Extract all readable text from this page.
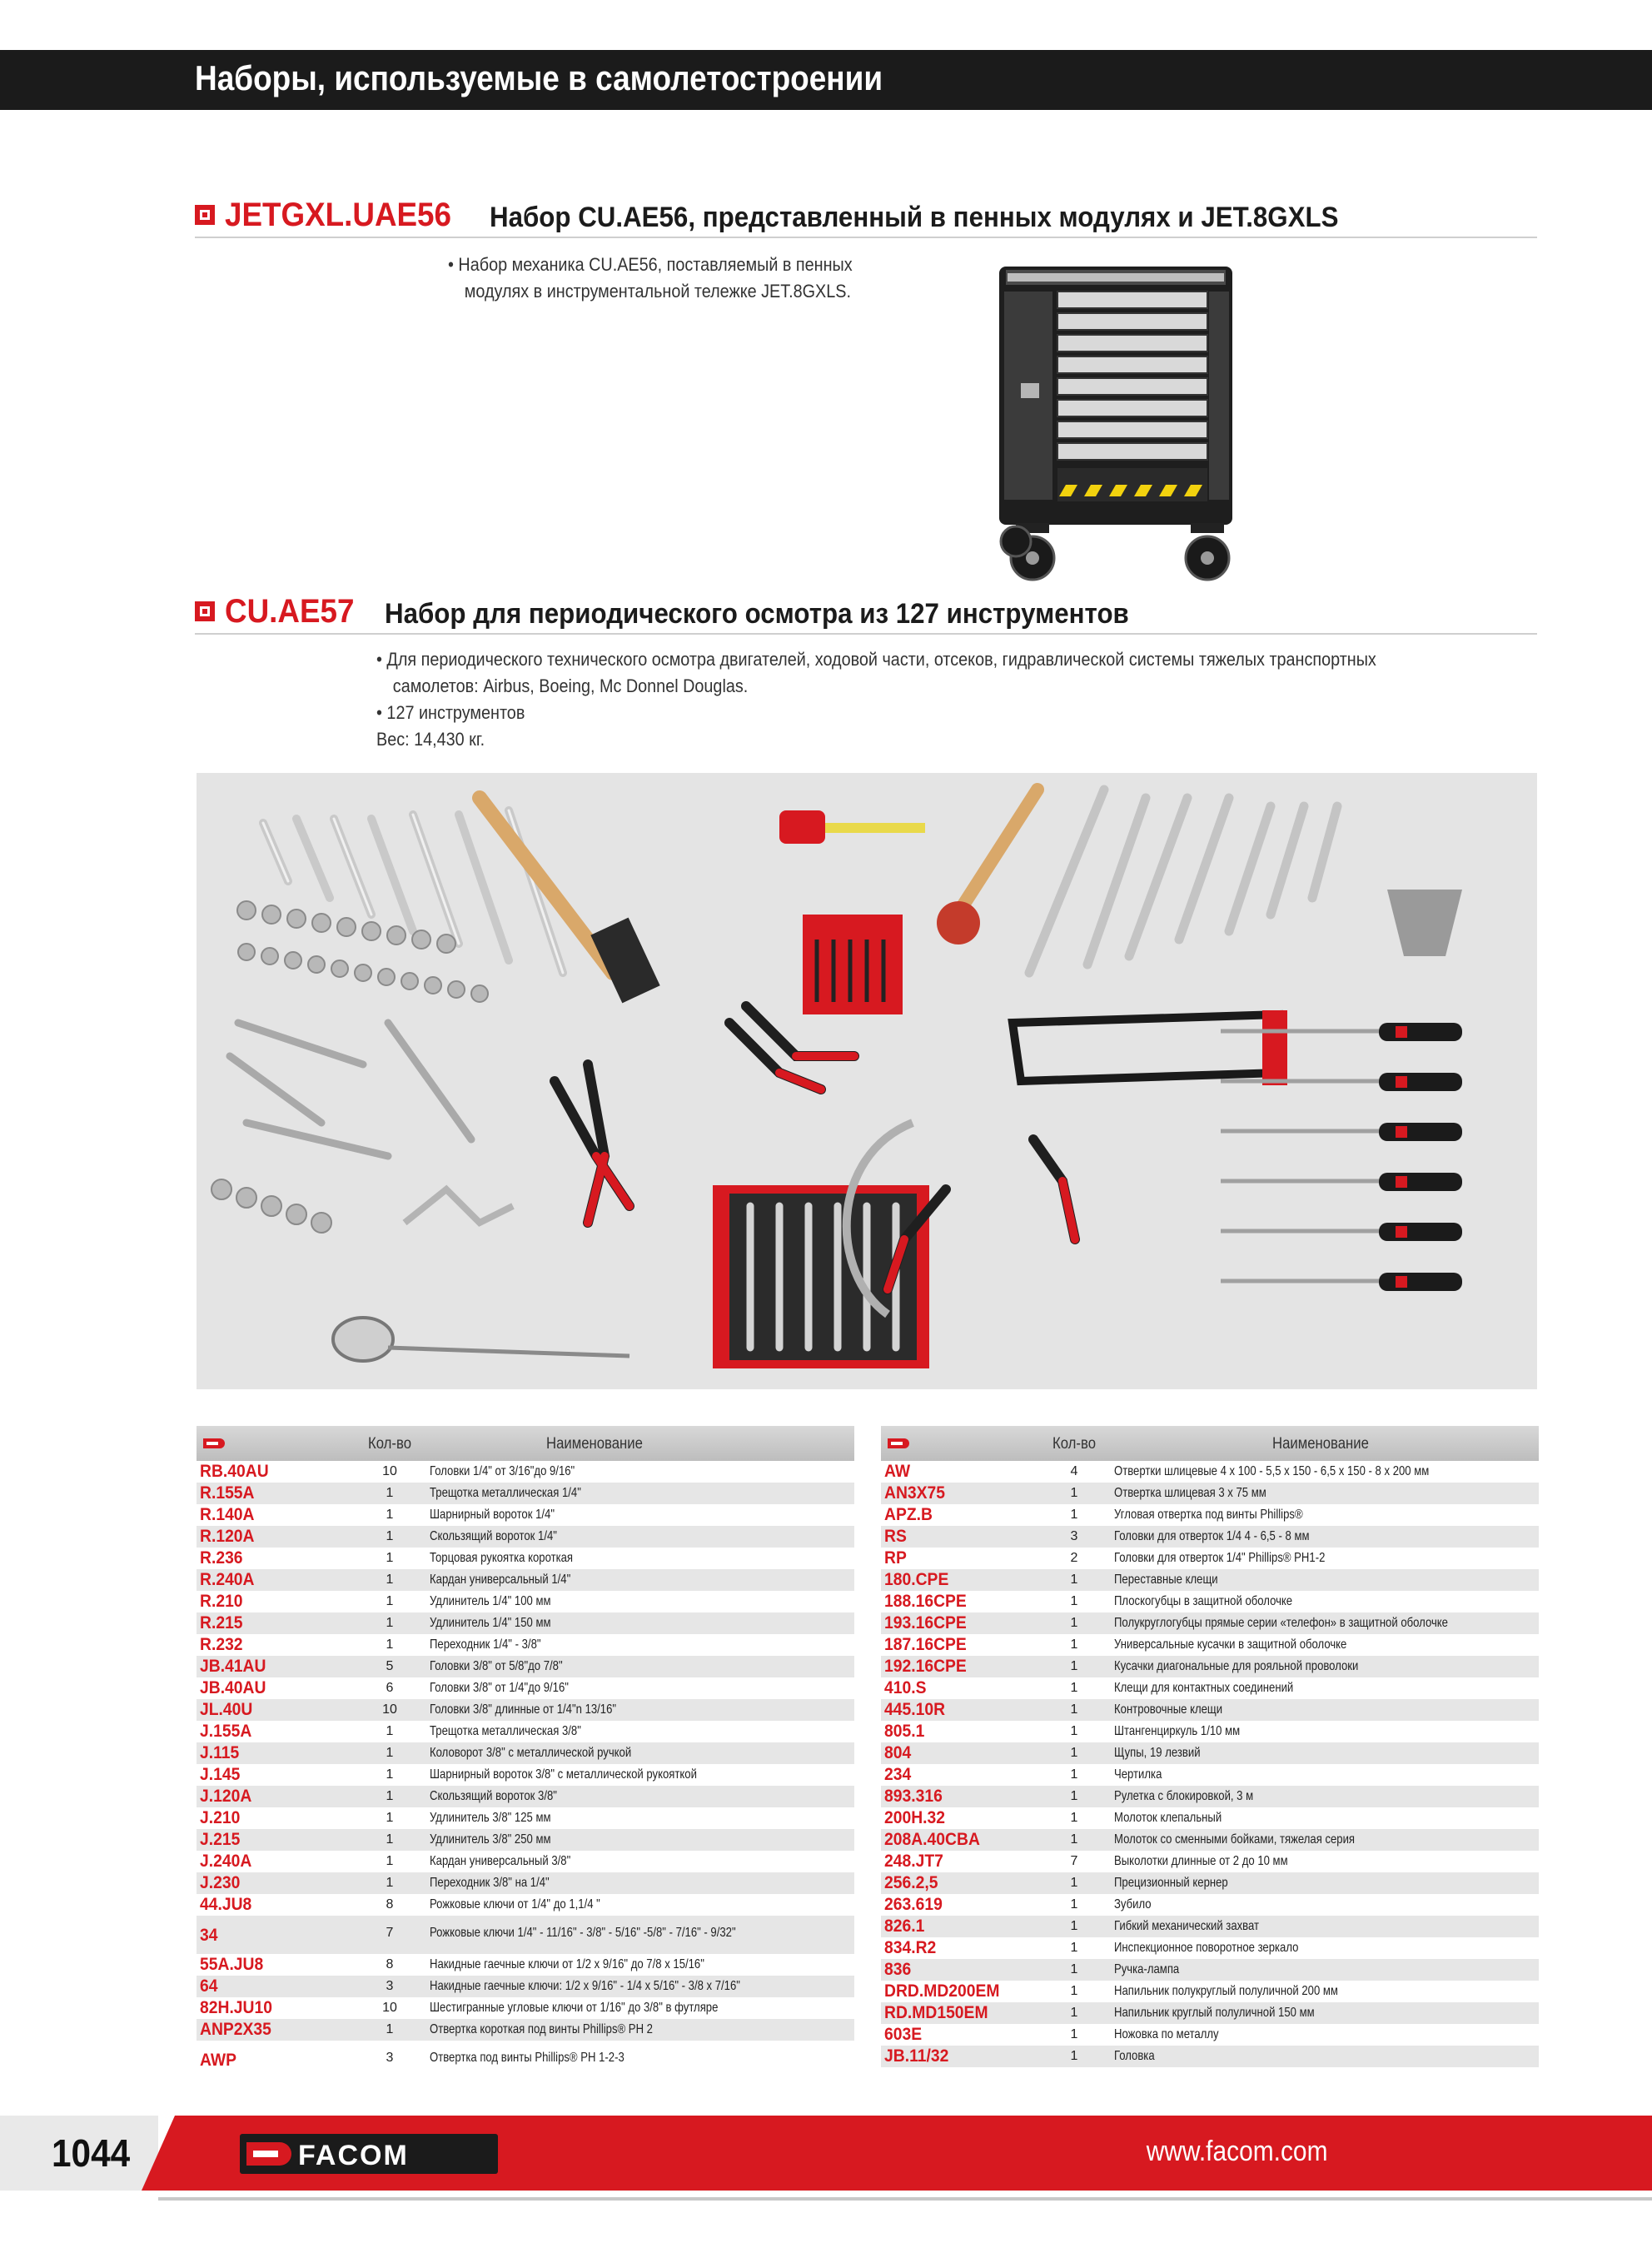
Наборы, используемые в самолетостроении
JETGXL.UAE56 Набор CU.AE56, представленный в пенных модулях и JET.8GXLS

• Набор механика CU.AE56, поставляемый в пенных

модулях в инструментальной тележке JET.8GXLS.

CU.AE57 Набор для периодического осмотра из 127 инструментов

• Для периодического технического осмотра двигателей, ходовой части, отсеков, гидравлической системы тяжелых транспортных

самолетов: Airbus, Boeing, Mc Donnel Douglas.

• 127 инструментов

Вес: 14,430 кг.

Кол-во	Наименование
RB.40AU	10	Головки 1/4" от 3/16"до 9/16"
R.155A	1	Трещотка металлическая 1/4"
R.140A	1	Шарнирный вороток 1/4"
R.120A	1	Скользящий вороток 1/4"
R.236	1	Торцовая рукоятка короткая
R.240A	1	Кардан универсальный 1/4"
R.210	1	Удлинитель 1/4" 100 мм
R.215	1	Удлинитель 1/4" 150 мм
R.232	1	Переходник 1/4" - 3/8"
JB.41AU	5	Головки 3/8" от 5/8"до 7/8"
JB.40AU	6	Головки 3/8" от 1/4"до 9/16"
JL.40U	10	Головки 3/8" длинные от 1/4"n 13/16"
J.155A	1	Трещотка металлическая 3/8"
J.115	1	Коловорот 3/8" с металлической ручкой
J.145	1	Шарнирный вороток 3/8" с металлической рукояткой
J.120A	1	Скользящий вороток 3/8"
J.210	1	Удлинитель 3/8" 125 мм
J.215	1	Удлинитель 3/8" 250 мм
J.240A	1	Кардан универсальный 3/8"
J.230	1	Переходник 3/8" на 1/4"
44.JU8	8	Рожковые ключи от 1/4" до 1,1/4 "
34	7	Рожковые ключи 1/4" - 11/16" - 3/8" - 5/16" -5/8" - 7/16" - 9/32"
55A.JU8	8	Накидные гаечные ключи от 1/2 x 9/16" до 7/8 x 15/16"
64	3	Накидные гаечные ключи: 1/2 x 9/16" - 1/4 x 5/16" - 3/8 x 7/16"
82H.JU10	10	Шестигранные угловые ключи от 1/16" до 3/8" в футляре
ANP2X35	1	Отвертка короткая под винты Phillips® PH 2
AWP	3	Отвертка под винты Phillips® PH 1-2-3
Кол-во	Наименование
AW	4	Отвертки шлицевые 4 x 100 - 5,5 x 150 - 6,5 x 150 - 8 x 200 мм
AN3X75	1	Отвертка шлицевая 3 x 75 мм
APZ.B	1	Угловая отвертка под винты Phillips®
RS	3	Головки для отверток 1/4 4 - 6,5 - 8 мм
RP	2	Головки для отверток 1/4" Phillips® PH1-2
180.CPE	1	Переставные клещи
188.16CPE	1	Плоскогубцы в защитной оболочке
193.16CPE	1	Полукруглогубцы прямые серии «телефон» в защитной оболочке
187.16CPE	1	Универсальные кусачки в защитной оболочке
192.16CPE	1	Кусачки диагональные для рояльной проволоки
410.S	1	Клещи для контактных соединений
445.10R	1	Контровочные клещи
805.1	1	Штангенциркуль 1/10 мм
804	1	Щупы, 19 лезвий
234	1	Чертилка
893.316	1	Рулетка с блокировкой, 3 м
200H.32	1	Молоток клепальный
208A.40CBA	1	Молоток со сменными бойками, тяжелая серия
248.JT7	7	Выколотки длинные от 2 до 10 мм
256.2,5	1	Прецизионный кернер
263.619	1	Зубило
826.1	1	Гибкий механический захват
834.R2	1	Инспекционное поворотное зеркало
836	1	Ручка-лампа
DRD.MD200EM	1	Напильник полукруглый полуличной 200 мм
RD.MD150EM	1	Напильник круглый полуличной 150 мм
603E	1	Ножовка по металлу
JB.11/32	1	Головка
1044	FACOM	www.facom.com
